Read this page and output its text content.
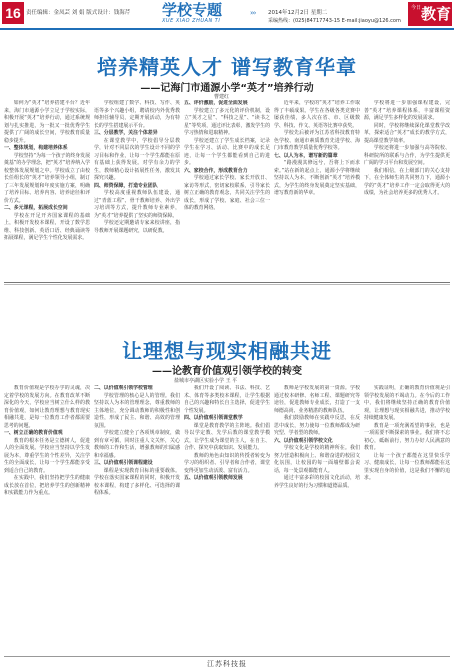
16 责任编辑：金凤芸 刘 娟 版式设计：钱海芹 学校专题
XUE XIAO ZHUAN TI
››› 2014年12月2日 星期二
采编热线：(025)84717743-15 E-mail:jiaoyu@126.com
今日 教育
培养精英人才 谱写教育华章
——记海门市通源小学“英才”培养行动
曹建红

如何为“英才”培养搭建平台？近年来，海门市通源小学立足于学校实际，积极开展“英才”培养行动，通过系统规划与扎实推进，为一批又一批优秀学生提供了广阔的成长空间，学校教育质量稳步提升。

一、整体规划，构建培养体系

学校坚持“为每一个孩子的终身发展奠基”的办学理念，把“英才”培养纳入学校整体发展规划之中。学校成立了由校长任组长的“英才”培养领导小组，制订了三年发展规划和年度实施方案，明确了培养目标、培养内容、培养途径和评价方式。

二、多元课程，拓展成长空间

学校在开足开齐国家课程的基础上，积极开发校本课程，开设了数学思维、科技创新、英语口语、经典诵读等拓展课程，满足学生个性化发展需求。

学校组建了数学、科技、写作、英语等多个兴趣小组，聘请校内外优秀教师担任辅导员，定期开展活动，为有特长的学生搭建展示平台。

三、分层教学，关注个体差异

在课堂教学中，学校倡导分层教学，针对不同层次的学生设计不同的学习目标和作业，让每一个学生都能在原有基础上获得发展。对学有余力的学生，教师精心设计拓展性任务，激发其探究兴趣。

四、师资保障，打造专业团队

学校高度重视教师队伍建设，通过“青蓝工程”、骨干教师培养、外出学习培训等方式，提升教师专业素养，为“英才”培养提供了坚实的师资保障。

学校还定期邀请专家来校讲座，指导教师开展课题研究，以研促教。

五、评价激励，促进全面发展

学校建立了多元化的评价机制，设立“英才之星”、“科技之星”、“读书之星”等奖项，通过评比表彰，激发学生的学习热情和进取精神。

学校还建立了学生成长档案，记录学生在学习、活动、比赛中的成长足迹，让每一个学生都能看到自己的进步。

六、家校合作，形成教育合力

学校通过家长学校、家长开放日、家访等形式，密切家校联系，引导家长树立正确的教育观念，共同关注学生的成长，形成了学校、家庭、社会三位一体的教育网络。

近年来，学校的“英才”培养工作取得了丰硕成果。学生在各级各类竞赛中屡获佳绩，多人次在省、市、区级数学、科技、作文、英语等比赛中获奖。

学校先后被评为江苏省科技教育特色学校、南通市素质教育先进学校、海门市教育教学质量优秀学校等。

七、以人为本，谱写新的篇章

“路漫漫其修远兮，吾将上下而求索。”站在新的起点上，通源小学将继续坚持以人为本，不断创新“英才”培养模式，为学生的终身发展奠定坚实基础，谱写教育新的华章。

学校将进一步加强课程建设，完善“英才”培养课程体系，丰富课程资源，满足学生多样化的发展需求。

同时，学校将继续深化课堂教学改革，探索适合“英才”成长的教学方式，提高课堂教学效率。

学校还将进一步加强与高等院校、科研院所的联系与合作，为学生提供更广阔的学习平台和发展空间。

我们相信，在上级部门的关心支持下，在全体师生的共同努力下，通源小学的“英才”培养工作一定会取得更大的成绩，为社会培养更多的优秀人才。

让理想与现实相融共进
——论教育价值观引领学校的转变
盐城市亭湖区实验小学 王 平

教育价值观是学校办学的灵魂，决定着学校的发展方向。在教育改革不断深化的今天，学校应当树立什么样的教育价值观，如何让教育理想与教育现实相融共进，是每一位教育工作者都需要思考的问题。

一、树立正确的教育价值观

教育的根本任务是立德树人，促进人的全面发展。学校应当坚持以学生发展为本，尊重学生的个性差异，关注学生的全面成长，让每一个学生都能享受到适合自己的教育。

在实践中，我们坚持把学生的健康成长放在首位，把培养学生的创新精神和实践能力作为重点。

二、以价值观引领学校管理

学校管理的核心是人的管理。我们坚持以人为本的管理理念，尊重教师的主体地位，充分调动教师的积极性和创造性，形成了民主、和谐、高效的管理氛围。

学校建立健全了各项规章制度，做到有章可循，同时注重人文关怀，关心教师的工作和生活，增强教师的归属感和幸福感。

三、以价值观引领课程建设

课程是实现教育目标的重要载体。学校在落实国家课程的同时，积极开发校本课程，构建了多样化、可选择的课程体系。

我们开设了阅读、书法、科技、艺术、体育等多类校本课程，让学生根据自己的兴趣和特长自主选择，促进学生个性发展。

四、以价值观引领课堂教学

课堂是教育教学的主阵地。我们倡导以学定教、先学后教的课堂教学模式，让学生成为课堂的主人，在自主、合作、探究中获取知识、发展能力。

教师的角色由知识的传授者转变为学习的组织者、引导者和合作者，课堂变得更加生动活泼、富有活力。

五、以价值观引领教师发展

教师是学校发展的第一资源。学校通过校本研修、名师工程、课题研究等途径，促进教师专业成长，打造了一支师德高尚、业务精湛的教师队伍。

我们鼓励教师在实践中反思，在反思中成长，努力使每一位教师都成为研究型、学者型的教师。

六、以价值观引领学校文化

学校文化是学校的精神所在。我们努力营造积极向上、和谐奋进的校园文化氛围，让校园的每一面墙壁都会说话，每一处景观都能育人。

通过丰富多彩的校园文化活动，培养学生良好的行为习惯和道德品质。

实践证明，正确的教育价值观是引领学校发展的不竭动力。在今后的工作中，我们将继续坚持正确的教育价值观，让理想与现实相融共进，推动学校持续健康发展。

教育是一项充满希望的事业，也是一项需要不断探索的事业。我们将不忘初心，砥砺前行，努力办好人民满意的教育。

让每一个孩子都能在这里快乐学习、健康成长，让每一位教师都能在这里实现自身的价值，这是我们不懈的追求。

江苏科技报
